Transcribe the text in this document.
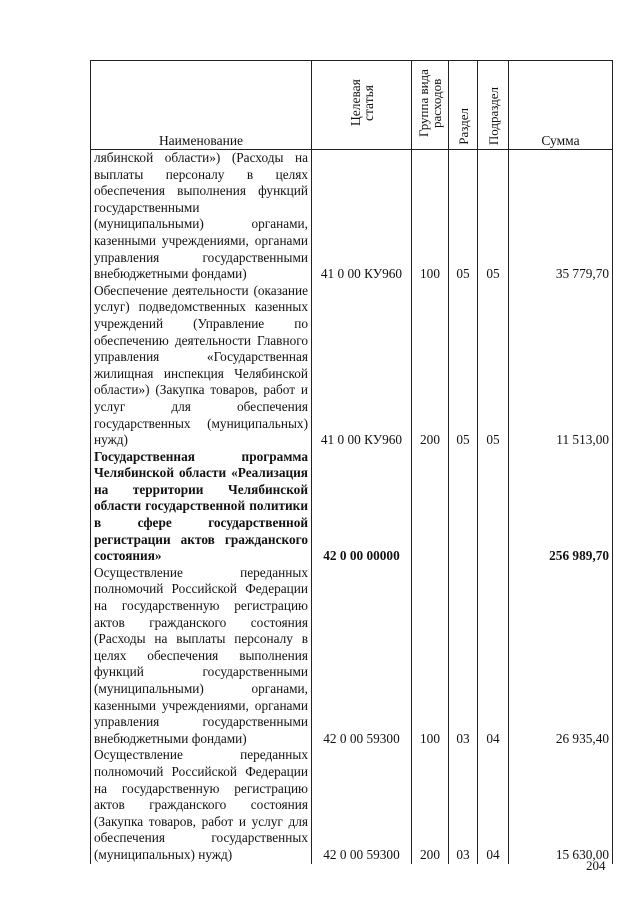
Наименование	Целевая статья	Группа вида расходов	Раздел	Подраздел	Сумма
лябинской области») (Расходы на выплаты персоналу в целях обеспечения выполнения функций государственными (муниципальными) органами, казенными учреждениями, органами управления государственными внебюджетными фондами)	41 0 00 КУ960	100	05	05	35 779,70
Обеспечение деятельности (оказание услуг) подведомственных казенных учреждений (Управление по обеспечению деятельности Главного управления «Государственная жилищная инспекция Челябинской области») (Закупка товаров, работ и услуг для обеспечения государственных (муниципальных) нужд)	41 0 00 КУ960	200	05	05	11 513,00
Государственная программа Челябинской области «Реализация на территории Челябинской области государственной политики в сфере государственной регистрации актов гражданского состояния»	42 0 00 00000				256 989,70
Осуществление переданных полномочий Российской Федерации на государственную регистрацию актов гражданского состояния (Расходы на выплаты персоналу в целях обеспечения выполнения функций государственными (муниципальными) органами, казенными учреждениями, органами управления государственными внебюджетными фондами)	42 0 00 59300	100	03	04	26 935,40
Осуществление переданных полномочий Российской Федерации на государственную регистрацию актов гражданского состояния (Закупка товаров, работ и услуг для обеспечения государственных (муниципальных) нужд)	42 0 00 59300	200	03	04	15 630,00
204
